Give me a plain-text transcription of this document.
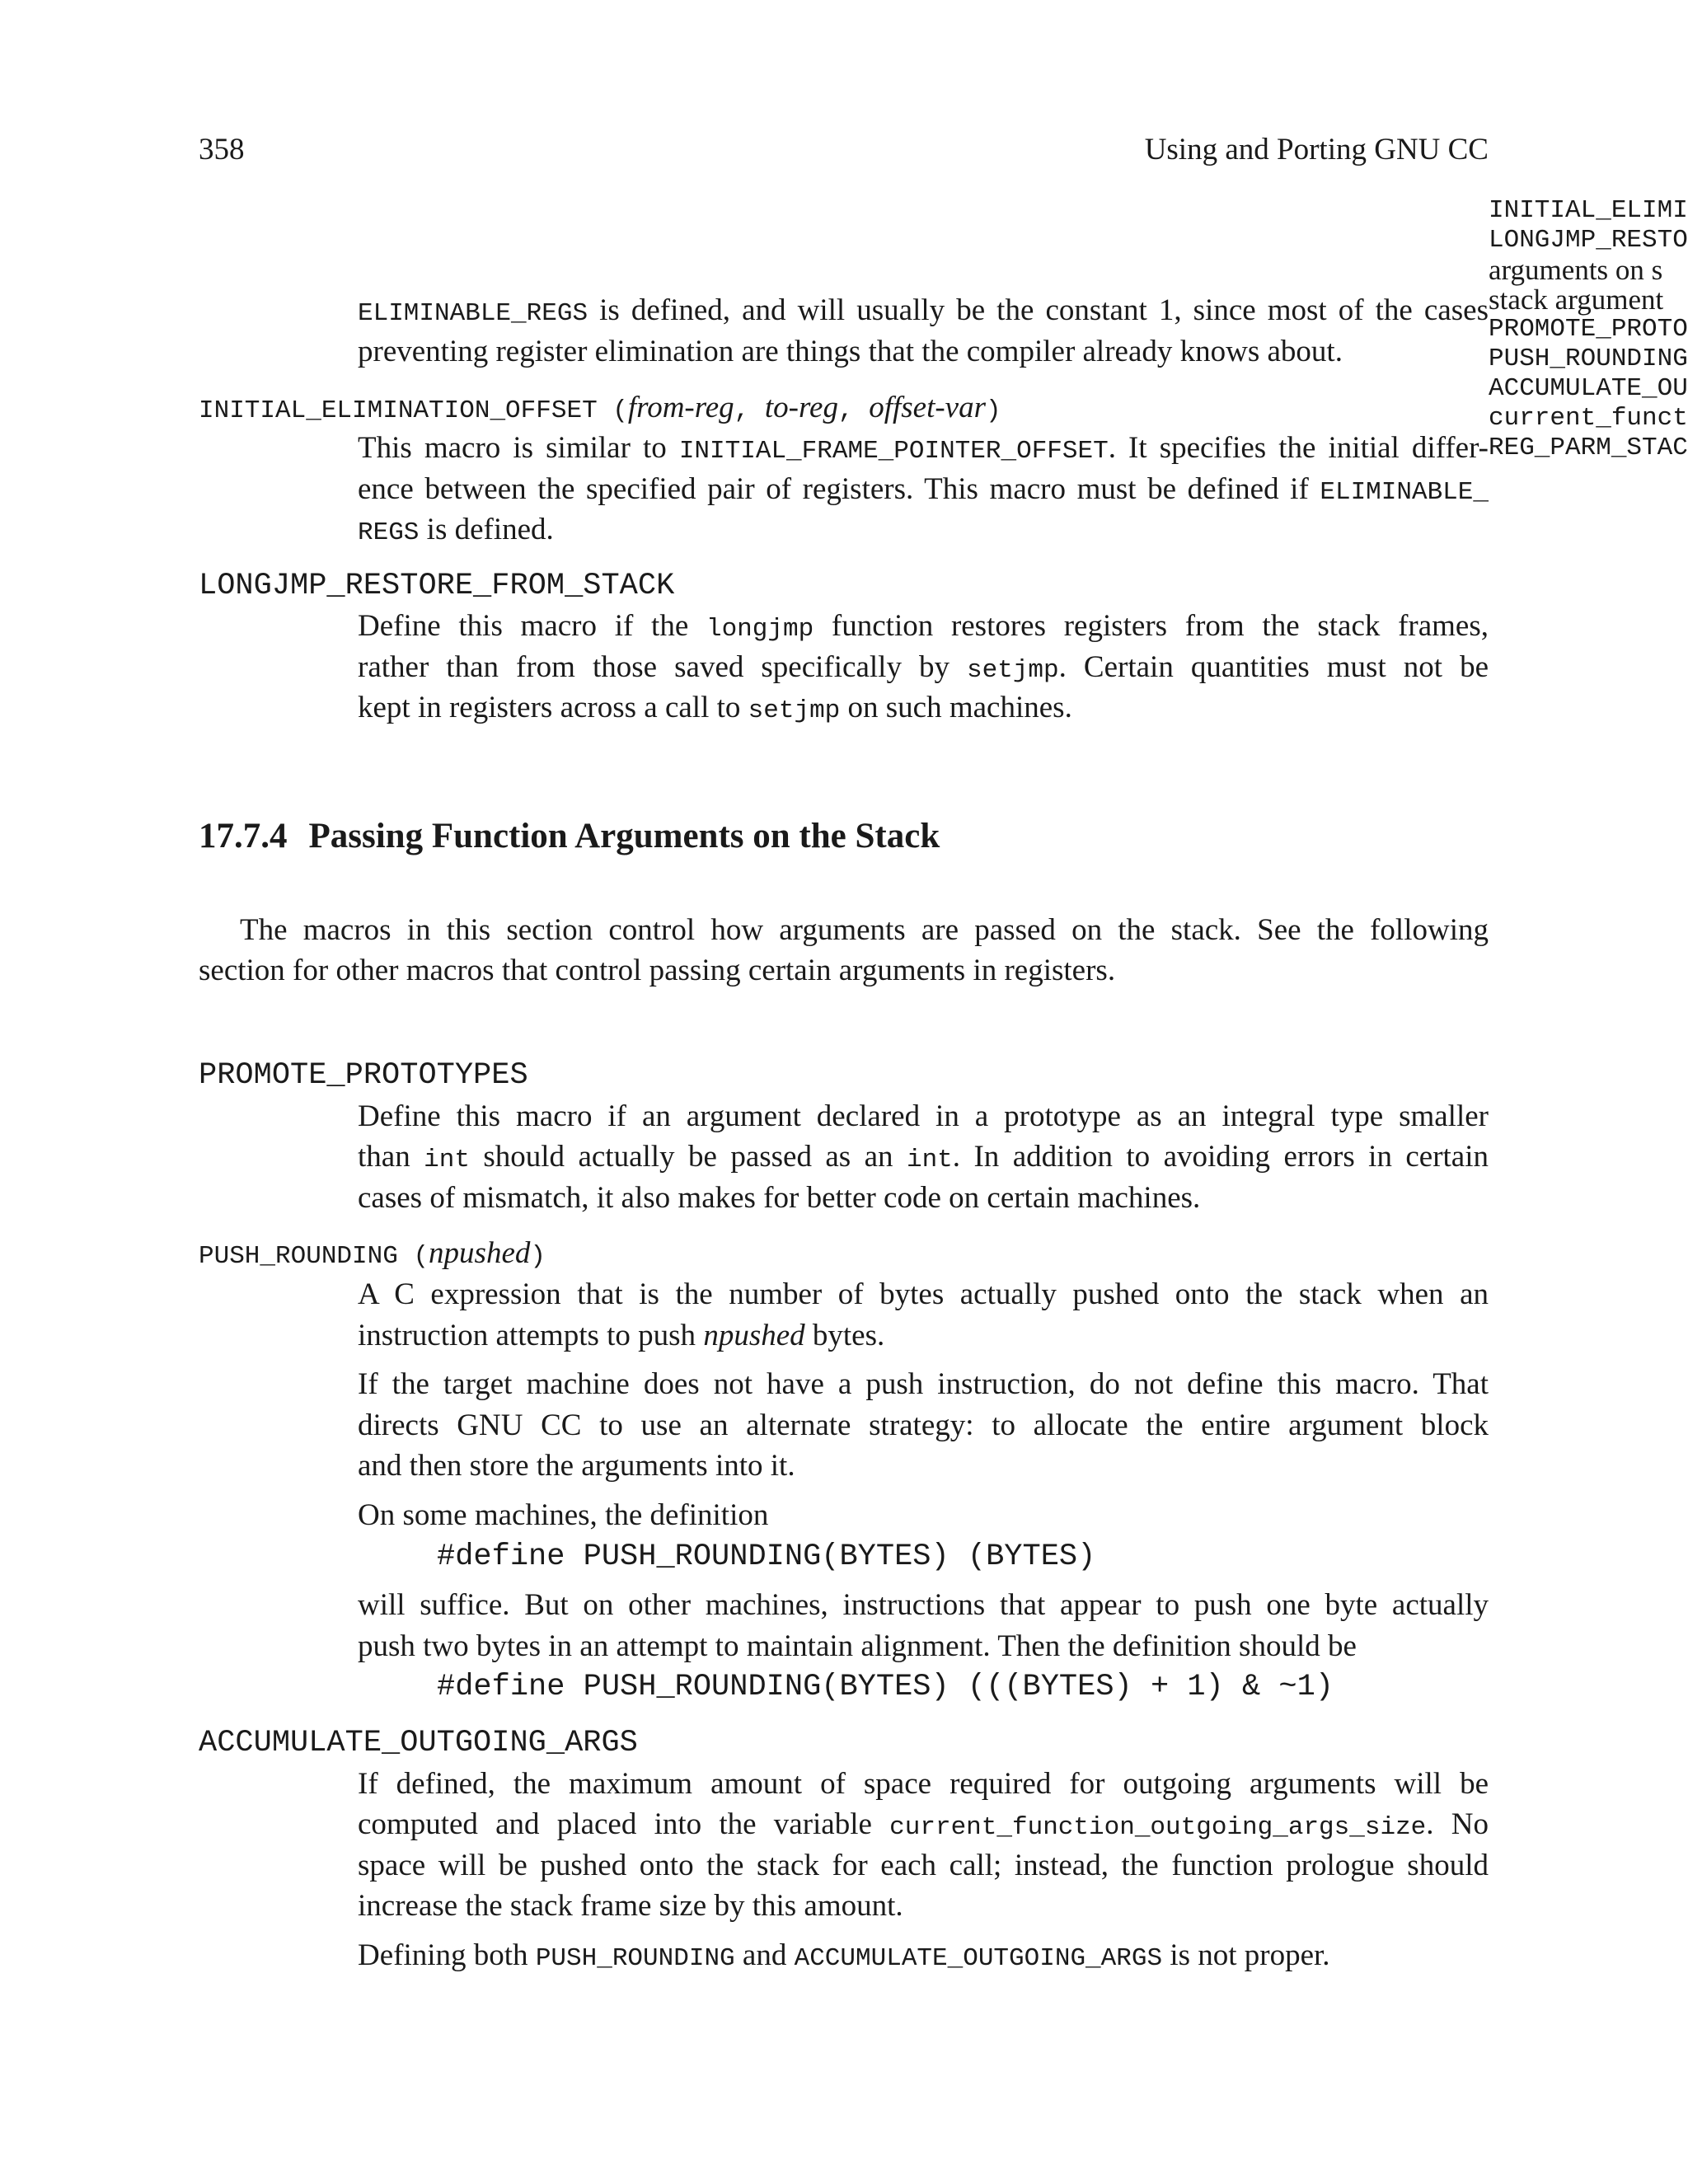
358	Using and Porting GNU CC
INITIAL_ELIMI
LONGJMP_RESTO
arguments on s
stack argument
PROMOTE_PROTO
PUSH_ROUNDING
ACCUMULATE_OU
current_funct
REG_PARM_STAC
ELIMINABLE_REGS is defined, and will usually be the constant 1, since most of the cases
preventing register elimination are things that the compiler already knows about.
INITIAL_ELIMINATION_OFFSET (from-reg, to-reg, offset-var)
This macro is similar to INITIAL_FRAME_POINTER_OFFSET. It specifies the initial differ-
ence between the specified pair of registers. This macro must be defined if ELIMINABLE_
REGS is defined.
LONGJMP_RESTORE_FROM_STACK
Define this macro if the longjmp function restores registers from the stack frames,
rather than from those saved specifically by setjmp. Certain quantities must not be
kept in registers across a call to setjmp on such machines.
17.7.4 Passing Function Arguments on the Stack
The macros in this section control how arguments are passed on the stack. See the following
section for other macros that control passing certain arguments in registers.
PROMOTE_PROTOTYPES
Define this macro if an argument declared in a prototype as an integral type smaller
than int should actually be passed as an int. In addition to avoiding errors in certain
cases of mismatch, it also makes for better code on certain machines.
PUSH_ROUNDING (npushed)
A C expression that is the number of bytes actually pushed onto the stack when an
instruction attempts to push npushed bytes.
If the target machine does not have a push instruction, do not define this macro. That
directs GNU CC to use an alternate strategy: to allocate the entire argument block
and then store the arguments into it.
On some machines, the definition
#define PUSH_ROUNDING(BYTES) (BYTES)
will suffice. But on other machines, instructions that appear to push one byte actually
push two bytes in an attempt to maintain alignment. Then the definition should be
#define PUSH_ROUNDING(BYTES) (((BYTES) + 1) & ~1)
ACCUMULATE_OUTGOING_ARGS
If defined, the maximum amount of space required for outgoing arguments will be
computed and placed into the variable current_function_outgoing_args_size. No
space will be pushed onto the stack for each call; instead, the function prologue should
increase the stack frame size by this amount.
Defining both PUSH_ROUNDING and ACCUMULATE_OUTGOING_ARGS is not proper.
